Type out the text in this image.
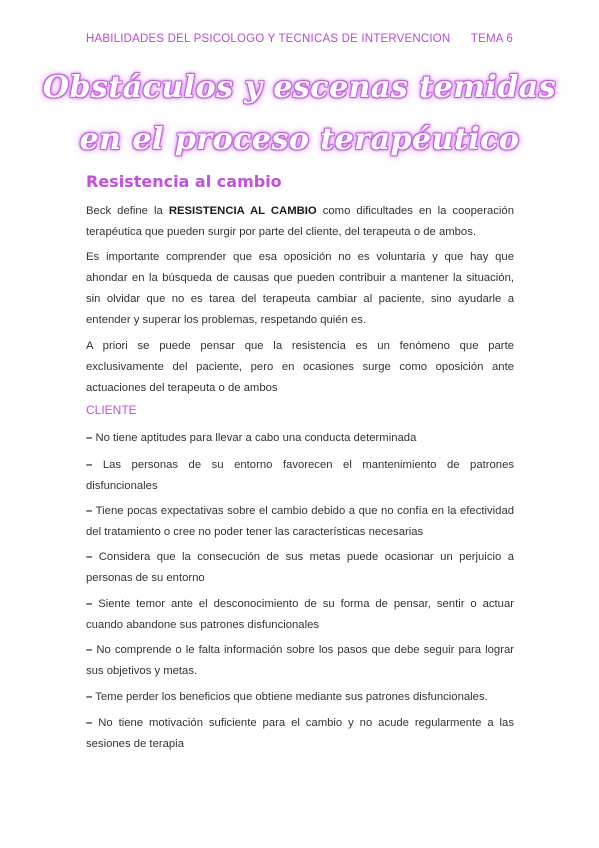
HABILIDADES DEL PSICOLOGO Y TECNICAS DE INTERVENCION TEMA 6
Obstáculos y escenas temidas
en el proceso terapéutico
Resistencia al cambio
Beck define la RESISTENCIA AL CAMBIO como dificultades en la cooperación terapéutica que pueden surgir por parte del cliente, del terapeuta o de ambos.
Es importante comprender que esa oposición no es voluntaria y que hay que ahondar en la búsqueda de causas que pueden contribuir a mantener la situación, sin olvidar que no es tarea del terapeuta cambiar al paciente, sino ayudarle a entender y superar los problemas, respetando quién es.
A priori se puede pensar que la resistencia es un fenómeno que parte exclusivamente del paciente, pero en ocasiones surge como oposición ante actuaciones del terapeuta o de ambos
CLIENTE
– No tiene aptitudes para llevar a cabo una conducta determinada
– Las personas de su entorno favorecen el mantenimiento de patrones disfuncionales
– Tiene pocas expectativas sobre el cambio debido a que no confía en la efectividad del tratamiento o cree no poder tener las características necesarias
– Considera que la consecución de sus metas puede ocasionar un perjuicio a personas de su entorno
– Siente temor ante el desconocimiento de su forma de pensar, sentir o actuar cuando abandone sus patrones disfuncionales
– No comprende o le falta información sobre los pasos que debe seguir para lograr sus objetivos y metas.
– Teme perder los beneficios que obtiene mediante sus patrones disfuncionales.
– No tiene motivación suficiente para el cambio y no acude regularmente a las sesiones de terapia
